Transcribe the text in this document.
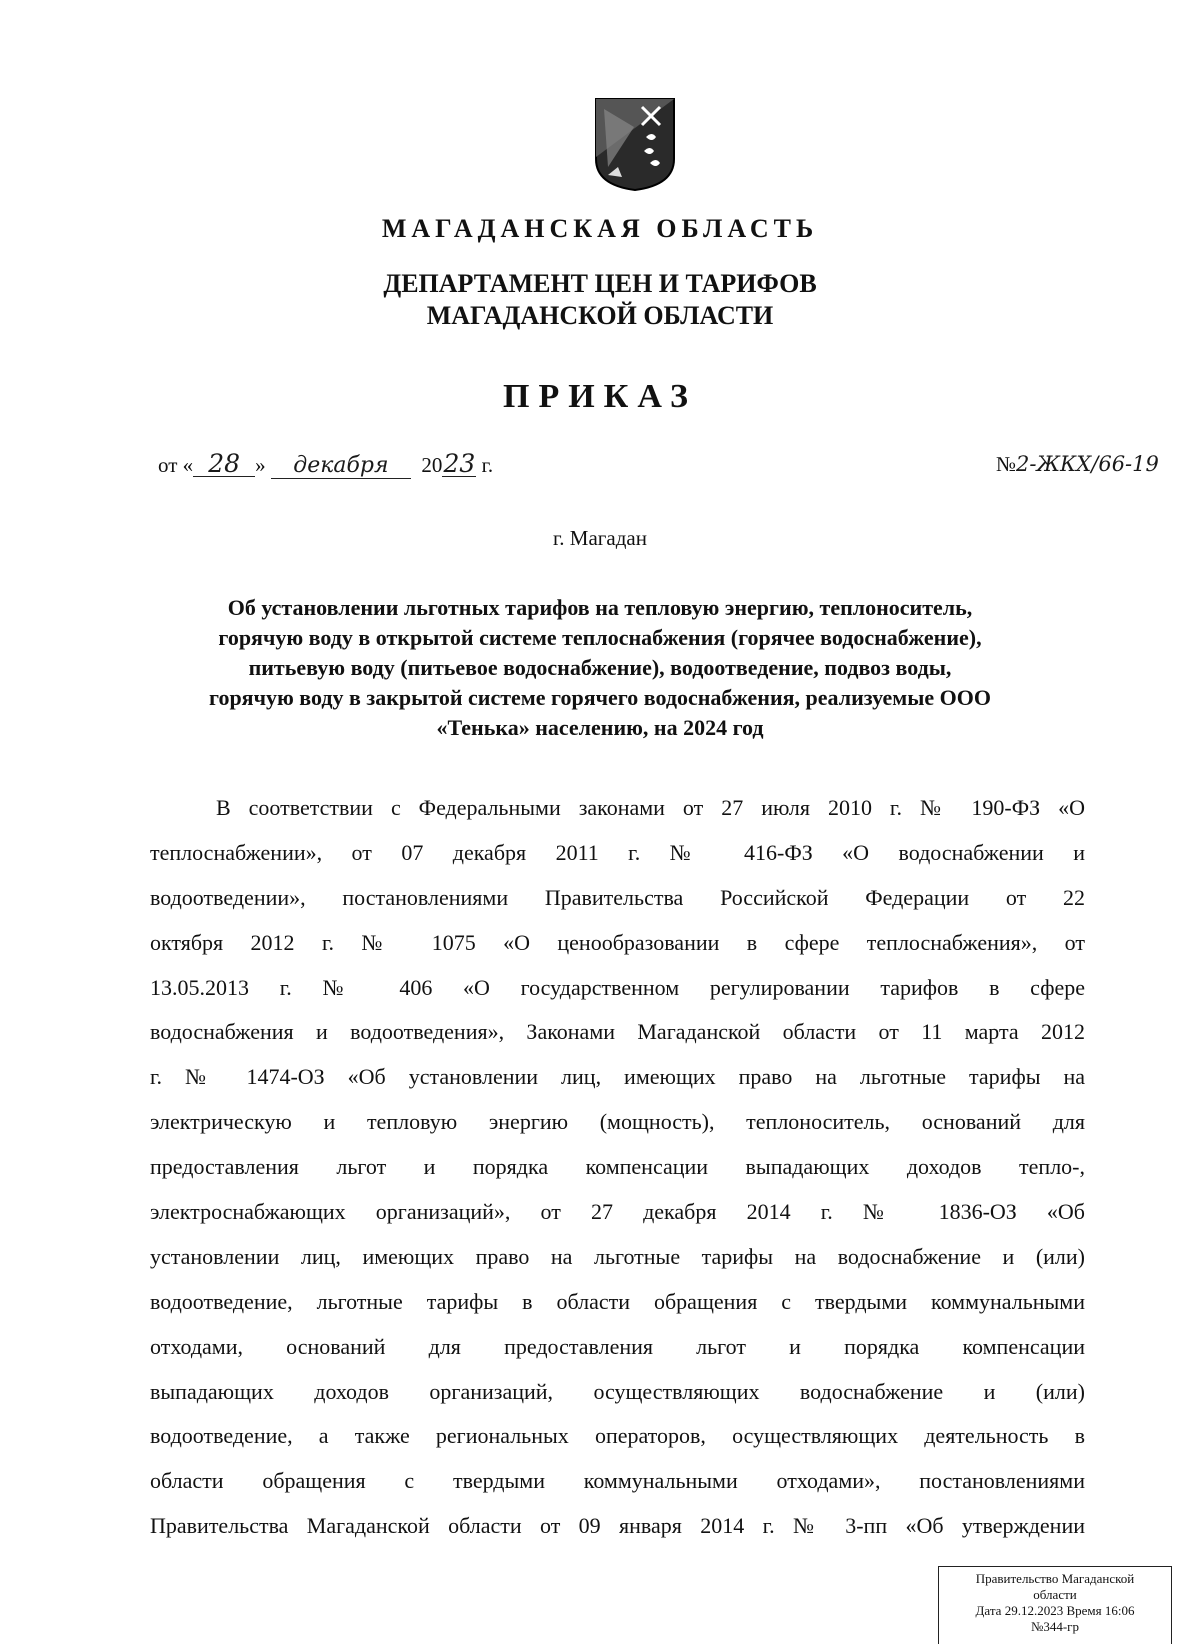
МАГАДАНСКАЯ ОБЛАСТЬ
ДЕПАРТАМЕНТ ЦЕН И ТАРИФОВ
МАГАДАНСКОЙ ОБЛАСТИ
ПРИКАЗ
от « 28 » декабря 2023 г.	№2-ЖКХ/66-19
г. Магадан
Об установлении льготных тарифов на тепловую энергию, теплоноситель,
горячую воду в открытой системе теплоснабжения (горячее водоснабжение),
питьевую воду (питьевое водоснабжение), водоотведение, подвоз воды,
горячую воду в закрытой системе горячего водоснабжения, реализуемые ООО
«Тенька» населению, на 2024 год
В соответствии с Федеральными законами от 27 июля 2010 г. № 190-ФЗ «О
теплоснабжении», от 07 декабря 2011 г. № 416-ФЗ «О водоснабжении и
водоотведении», постановлениями Правительства Российской Федерации от 22
октября 2012 г. № 1075 «О ценообразовании в сфере теплоснабжения», от
13.05.2013 г. № 406 «О государственном регулировании тарифов в сфере
водоснабжения и водоотведения», Законами Магаданской области от 11 марта 2012
г. № 1474-ОЗ «Об установлении лиц, имеющих право на льготные тарифы на
электрическую и тепловую энергию (мощность), теплоноситель, оснований для
предоставления льгот и порядка компенсации выпадающих доходов тепло-,
электроснабжающих организаций», от 27 декабря 2014 г. № 1836-ОЗ «Об
установлении лиц, имеющих право на льготные тарифы на водоснабжение и (или)
водоотведение, льготные тарифы в области обращения с твердыми коммунальными
отходами, оснований для предоставления льгот и порядка компенсации
выпадающих доходов организаций, осуществляющих водоснабжение и (или)
водоотведение, а также региональных операторов, осуществляющих деятельность в
области обращения с твердыми коммунальными отходами», постановлениями
Правительства Магаданской области от 09 января 2014 г. № 3-пп «Об утверждении
Правительство Магаданской
области
Дата 29.12.2023 Время 16:06
№344-гр
